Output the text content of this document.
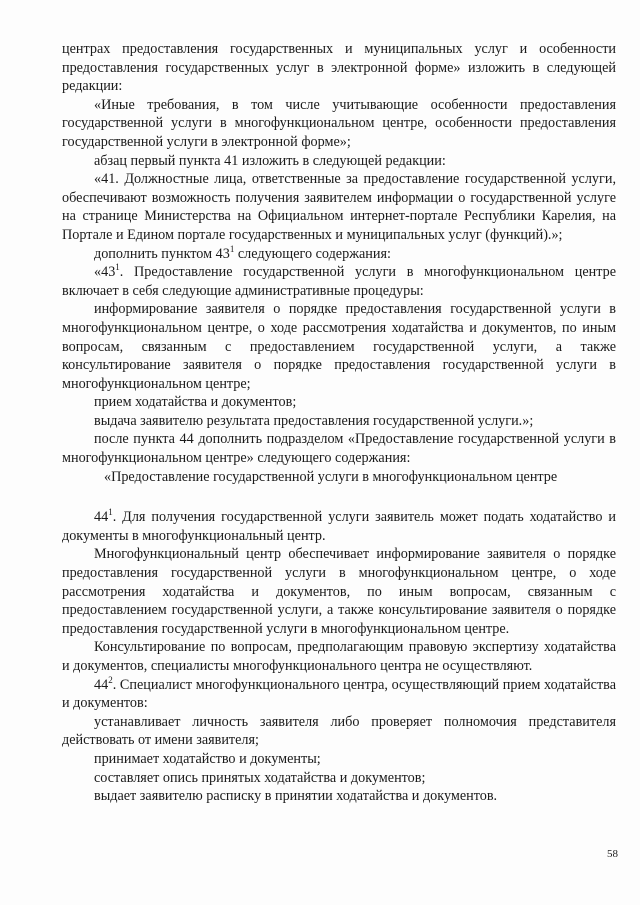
центрах предоставления государственных и муниципальных услуг и особенности предоставления государственных услуг в электронной форме» изложить в следующей редакции:

«Иные требования, в том числе учитывающие особенности предоставления государственной услуги в многофункциональном центре, особенности предоставления государственной услуги в электронной форме»;

абзац первый пункта 41 изложить в следующей редакции:

«41. Должностные лица, ответственные за предоставление государственной услуги, обеспечивают возможность получения заявителем информации о государственной услуге на странице Министерства на Официальном интернет-портале Республики Карелия, на Портале и Едином портале государственных и муниципальных услуг (функций).»;

дополнить пунктом $43^1$ следующего содержания:

«$43^1$. Предоставление государственной услуги в многофункциональном центре включает в себя следующие административные процедуры:

информирование заявителя о порядке предоставления государственной услуги в многофункциональном центре, о ходе рассмотрения ходатайства и документов, по иным вопросам, связанным с предоставлением государственной услуги, а также консультирование заявителя о порядке предоставления государственной услуги в многофункциональном центре;

прием ходатайства и документов;

выдача заявителю результата предоставления государственной услуги.»;

после пункта 44 дополнить подразделом «Предоставление государственной услуги в многофункциональном центре» следующего содержания:

«Предоставление государственной услуги в многофункциональном центре

$44^1$. Для получения государственной услуги заявитель может подать ходатайство и документы в многофункциональный центр.

Многофункциональный центр обеспечивает информирование заявителя о порядке предоставления государственной услуги в многофункциональном центре, о ходе рассмотрения ходатайства и документов, по иным вопросам, связанным с предоставлением государственной услуги, а также консультирование заявителя о порядке предоставления государственной услуги в многофункциональном центре.

Консультирование по вопросам, предполагающим правовую экспертизу ходатайства и документов, специалисты многофункционального центра не осуществляют.

$44^2$. Специалист многофункционального центра, осуществляющий прием ходатайства и документов:

устанавливает личность заявителя либо проверяет полномочия представителя действовать от имени заявителя;

принимает ходатайство и документы;

составляет опись принятых ходатайства и документов;

выдает заявителю расписку в принятии ходатайства и документов.

58
